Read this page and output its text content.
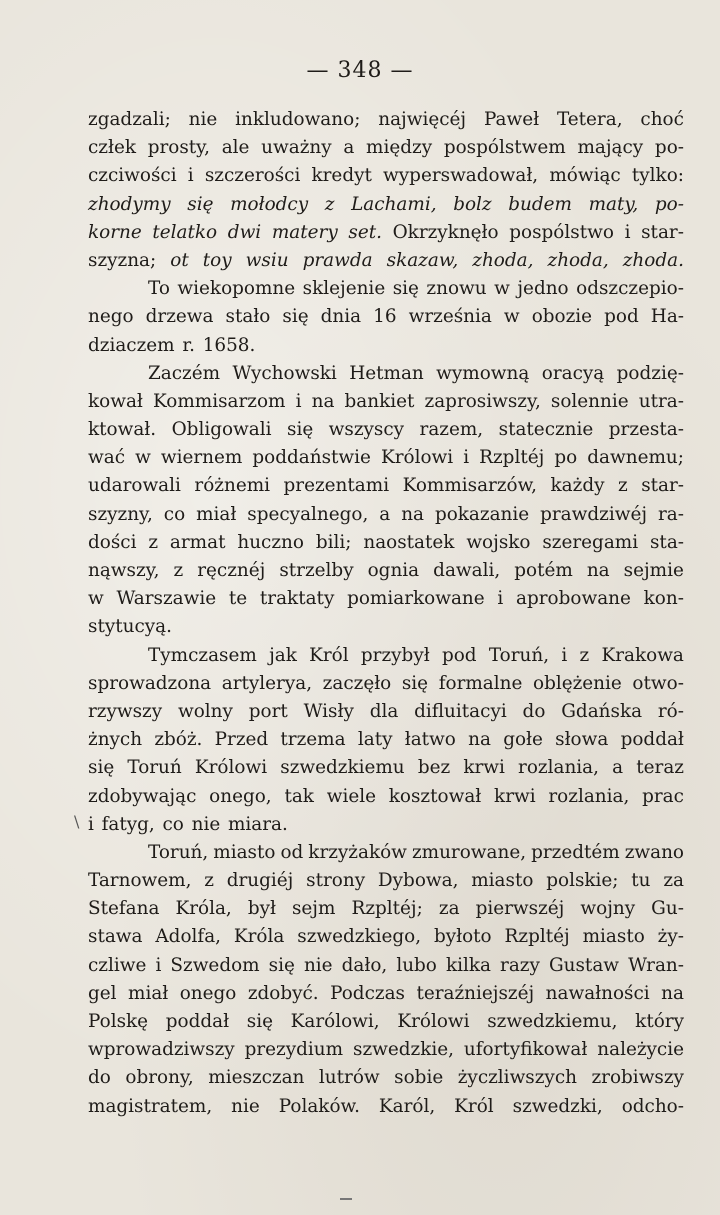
— 348 —
zgadzali; nie inkludowano; najwięcéj Paweł Tetera, choć
człek prosty, ale uważny a między pospólstwem mający po-
czciwości i szczerości kredyt wyperswadował, mówiąc tylko:
zhodymy się mołodcy z Lachami, bolz budem maty, po-
korne telatko dwi matery set. Okrzyknęło pospólstwo i star-
szyzna; ot toy wsiu prawda skazaw, zhoda, zhoda, zhoda.
To wiekopomne sklejenie się znowu w jedno odszczepio-
nego drzewa stało się dnia 16 września w obozie pod Ha-
dziaczem r. 1658.
Zaczém Wychowski Hetman wymowną oracyą podzię-
kował Kommisarzom i na bankiet zaprosiwszy, solennie utra-
ktował. Obligowali się wszyscy razem, statecznie przesta-
wać w wiernem poddaństwie Królowi i Rzpltéj po dawnemu;
udarowali różnemi prezentami Kommisarzów, każdy z star-
szyzny, co miał specyalnego, a na pokazanie prawdziwéj ra-
dości z armat huczno bili; naostatek wojsko szeregami sta-
nąwszy, z ręcznéj strzelby ognia dawali, potém na sejmie
w Warszawie te traktaty pomiarkowane i aprobowane kon-
stytucyą.
Tymczasem jak Król przybył pod Toruń, i z Krakowa
sprowadzona artylerya, zaczęło się formalne oblężenie otwo-
rzywszy wolny port Wisły dla difluitacyi do Gdańska ró-
żnych zbóż. Przed trzema laty łatwo na gołe słowa poddał
się Toruń Królowi szwedzkiemu bez krwi rozlania, a teraz
zdobywając onego, tak wiele kosztował krwi rozlania, prac
i fatyg, co nie miara.
Toruń, miasto od krzyżaków zmurowane, przedtém zwano
Tarnowem, z drugiéj strony Dybowa, miasto polskie; tu za
Stefana Króla, był sejm Rzpltéj; za pierwszéj wojny Gu-
stawa Adolfa, Króla szwedzkiego, byłoto Rzpltéj miasto ży-
czliwe i Szwedom się nie dało, lubo kilka razy Gustaw Wran-
gel miał onego zdobyć. Podczas teraźniejszéj nawałności na
Polskę poddał się Karólowi, Królowi szwedzkiemu, który
wprowadziwszy prezydium szwedzkie, ufortyfikował należycie
do obrony, mieszczan lutrów sobie życzliwszych zrobiwszy
magistratem, nie Polaków. Karól, Król szwedzki, odcho-
\
